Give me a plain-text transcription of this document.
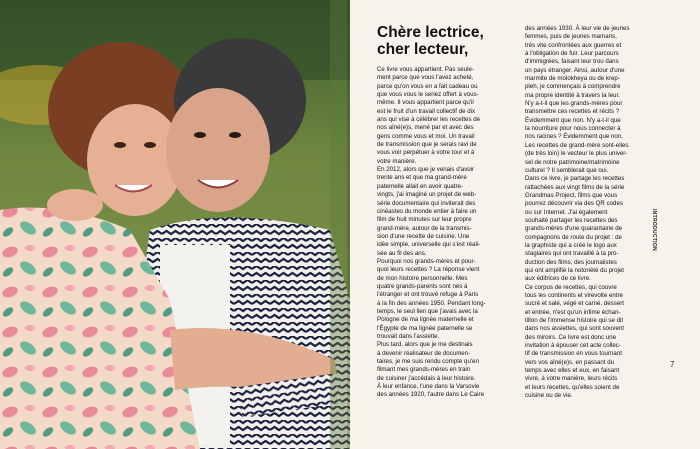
Chère lectrice,
cher lecteur,

Ce livre vous appartient. Pas seule-
ment parce que vous l'avez acheté,
parce qu'on vous en a fait cadeau ou
que vous vous le seriez offert à vous-
même. Il vous appartient parce qu'il
est le fruit d'un travail collectif de dix
ans qui vise à célébrer les recettes de
nos aîné(e)s, mené par et avec des
gens comme vous et moi. Un travail
de transmission que je serais ravi de
vous voir perpétuer à votre tour et à
votre manière.
En 2012, alors que je venais d'avoir
trente ans et que ma grand-mère
paternelle allait en avoir quatre-
vingts, j'ai imaginé un projet de web-
série documentaire qui inviterait des
cinéastes du monde entier à faire un
film de huit minutes sur leur propre
grand-mère, autour de la transmis-
sion d'une recette de cuisine. Une
idée simple, universelle qui s'est réali-
sée au fil des ans.
Pourquoi nos grands-mères et pour-
quoi leurs recettes ? La réponse vient
de mon histoire personnelle. Mes
quatre grands-parents sont nés à
l'étranger et ont trouvé refuge à Paris
à la fin des années 1950. Pendant long-
temps, le seul lien que j'avais avec la
Pologne de ma lignée maternelle et
l'Égypte de ma lignée paternelle se
trouvait dans l'assiette.
Plus tard, alors que je me destinais
à devenir réalisateur de documen-
taires, je me suis rendu compte qu'en
filmant mes grands-mères en train
de cuisiner j'accédais à leur histoire.
À leur enfance, l'une dans la Varsovie
des années 1920, l'autre dans Le Caire

des années 1930. À leur vie de jeunes
femmes, puis de jeunes mamans,
très vite confrontées aux guerres et
à l'obligation de fuir. Leur parcours
d'immigrées, faisant leur trou dans
un pays étranger. Ainsi, autour d'une
marmite de molokheya ou de krep-
pleh, je commençais à comprendre
ma propre identité à travers la leur.
N'y a-t-il que les grands-mères pour
transmettre ces recettes et récits ?
Évidemment que non. N'y a-t-il que
la nourriture pour nous connecter à
nos racines ? Évidemment que non.
Les recettes de grand-mère sont-elles
(de très loin) le vecteur le plus univer-
sel de notre patrimoine/matrimoine
culturel ? Il semblerait que oui.
Dans ce livre, je partage les recettes
rattachées aux vingt films de la série
Grandmas Project, films que vous
pourrez découvrir via des QR codes
ou sur Internet. J'ai également
souhaité partager les recettes des
grands-mères d'une quarantaine de
compagnons de route du projet : de
la graphiste qui a créé le logo aux
stagiaires qui ont travaillé à la pro-
duction des films, des journalistes
qui ont amplifié la notoriété du projet
aux éditrices de ce livre.
Ce corpus de recettes, qui couvre
tous les continents et virevolte entre
sucré et salé, végé et carné, dessert
et entrée, n'est qu'un infime échan-
tillon de l'immense histoire qui se dit
dans nos assiettes, qui sont souvent
des miroirs. Ce livre est donc une
invitation à épouser cet acte collec-
tif de transmission en vous tournant
vers vos aîné(e)s, en passant du
temps avec elles et eux, en faisant
vivre, à votre manière, leurs récits
et leurs recettes, qu'elles soient de
cuisine ou de vie.

INTRODUCTION
7
